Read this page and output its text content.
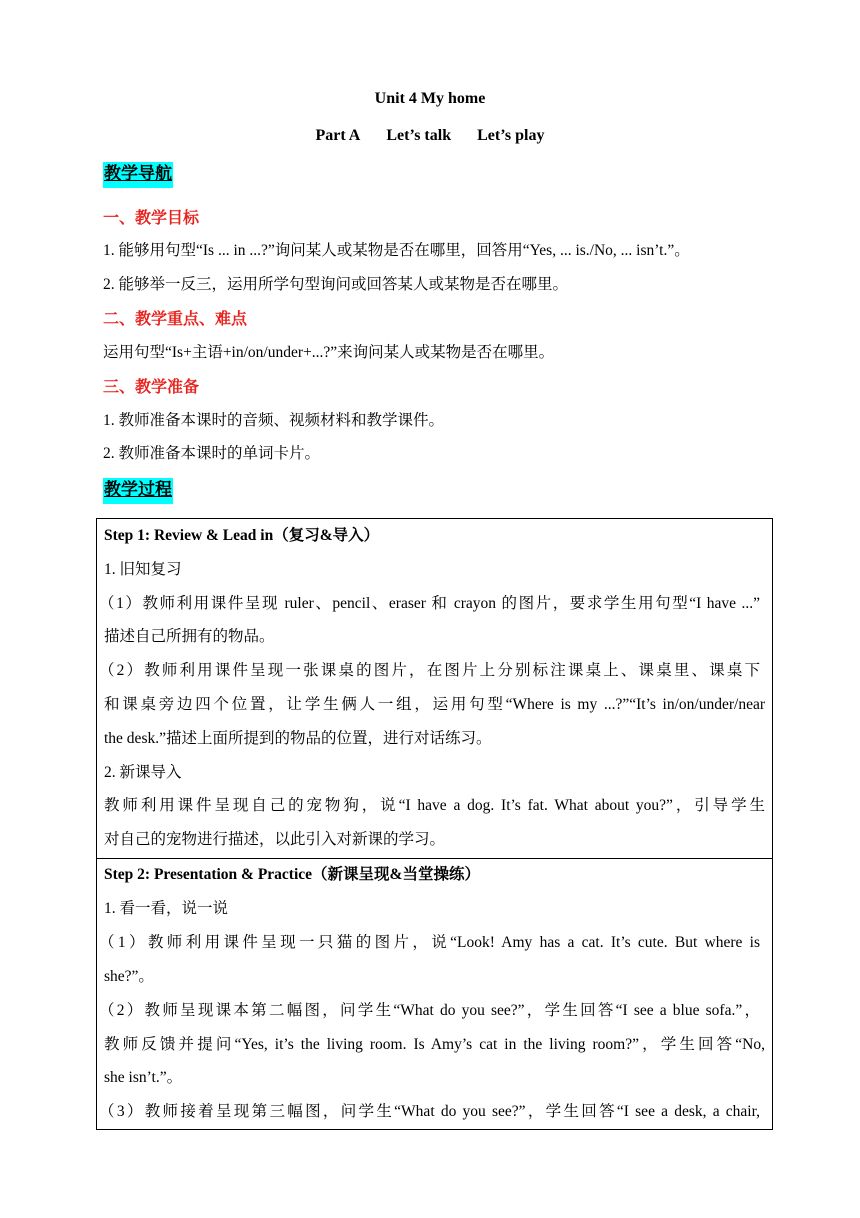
Unit 4 My home
Part A Let’s talk Let’s play
教学导航
一、教学目标
1. 能够用句型“Is ... in ...?”询问某人或某物是否在哪里，回答用“Yes, ... is./No, ... isn’t.”。
2. 能够举一反三，运用所学句型询问或回答某人或某物是否在哪里。
二、教学重点、难点
运用句型“Is+主语+in/on/under+...?”来询问某人或某物是否在哪里。
三、教学准备
1. 教师准备本课时的音频、视频材料和教学课件。
2. 教师准备本课时的单词卡片。
教学过程
Step 1: Review & Lead in（复习&导入）
1. 旧知复习
（1）教师利用课件呈现 ruler、pencil、eraser 和 crayon 的图片，要求学生用句型“I have ...”
描述自己所拥有的物品。
（2）教师利用课件呈现一张课桌的图片，在图片上分别标注课桌上、课桌里、课桌下
和课桌旁边四个位置，让学生俩人一组，运用句型“Where is my ...?”“It’s in/on/under/near
the desk.”描述上面所提到的物品的位置，进行对话练习。
2. 新课导入
教师利用课件呈现自己的宠物狗，说“I have a dog. It’s fat. What about you?”，引导学生
对自己的宠物进行描述，以此引入对新课的学习。
Step 2: Presentation & Practice（新课呈现&当堂操练）
1. 看一看，说一说
（1）教师利用课件呈现一只猫的图片，说“Look! Amy has a cat. It’s cute. But where is
she?”。
（2）教师呈现课本第二幅图，问学生“What do you see?”，学生回答“I see a blue sofa.”，
教师反馈并提问“Yes, it’s the living room. Is Amy’s cat in the living room?”，学生回答“No,
she isn’t.”。
（3）教师接着呈现第三幅图，问学生“What do you see?”，学生回答“I see a desk, a chair,
